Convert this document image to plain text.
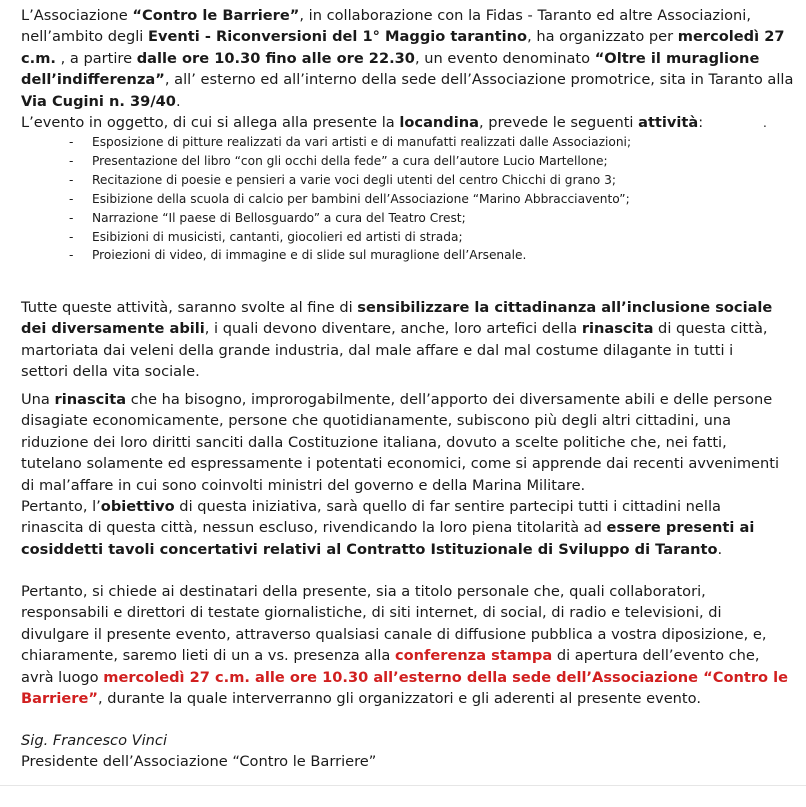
L’Associazione “Contro le Barriere”, in collaborazione con la Fidas - Taranto ed altre Associazioni, nell’ambito degli Eventi - Riconversioni del 1° Maggio tarantino, ha organizzato per mercoledì 27 c.m. , a partire dalle ore 10.30 fino alle ore 22.30, un evento denominato “Oltre il muraglione dell’indifferenza”, all’ esterno ed all’interno della sede dell’Associazione promotrice, sita in Taranto alla Via Cugini n. 39/40.

L’evento in oggetto, di cui si allega alla presente la locandina, prevede le seguenti attività:	.
- Esposizione di pitture realizzati da vari artisti e di manufatti realizzati dalle Associazioni;
- Presentazione del libro “con gli occhi della fede” a cura dell’autore Lucio Martellone;
- Recitazione di poesie e pensieri a varie voci degli utenti del centro Chicchi di grano 3;
- Esibizione della scuola di calcio per bambini dell’Associazione “Marino Abbracciavento”;
- Narrazione “Il paese di Bellosguardo” a cura del Teatro Crest;
- Esibizioni di musicisti, cantanti, giocolieri ed artisti di strada;
- Proiezioni di video, di immagine e di slide sul muraglione dell’Arsenale.

Tutte queste attività, saranno svolte al fine di sensibilizzare la cittadinanza all’inclusione sociale dei diversamente abili, i quali devono diventare, anche, loro artefici della rinascita di questa città, martoriata dai veleni della grande industria, dal male affare e dal mal costume dilagante in tutti i settori della vita sociale.

Una rinascita che ha bisogno, improrogabilmente, dell’apporto dei diversamente abili e delle persone disagiate economicamente, persone che quotidianamente, subiscono più degli altri cittadini, una riduzione dei loro diritti sanciti dalla Costituzione italiana, dovuto a scelte politiche che, nei fatti, tutelano solamente ed espressamente i potentati economici, come si apprende dai recenti avvenimenti di mal’affare in cui sono coinvolti ministri del governo e della Marina Militare.
Pertanto, l’obiettivo di questa iniziativa, sarà quello di far sentire partecipi tutti i cittadini nella rinascita di questa città, nessun escluso, rivendicando la loro piena titolarità ad essere presenti ai cosiddetti tavoli concertativi relativi al Contratto Istituzionale di Sviluppo di Taranto.

Pertanto, si chiede ai destinatari della presente, sia a titolo personale che, quali collaboratori, responsabili e direttori di testate giornalistiche, di siti internet, di social, di radio e televisioni, di divulgare il presente evento, attraverso qualsiasi canale di diffusione pubblica a vostra diposizione, e, chiaramente, saremo lieti di un a vs. presenza alla conferenza stampa di apertura dell’evento che, avrà luogo mercoledì 27 c.m. alle ore 10.30 all’esterno della sede dell’Associazione “Contro le Barriere”, durante la quale interverranno gli organizzatori e gli aderenti al presente evento.

Sig. Francesco Vinci
Presidente dell’Associazione “Contro le Barriere”
